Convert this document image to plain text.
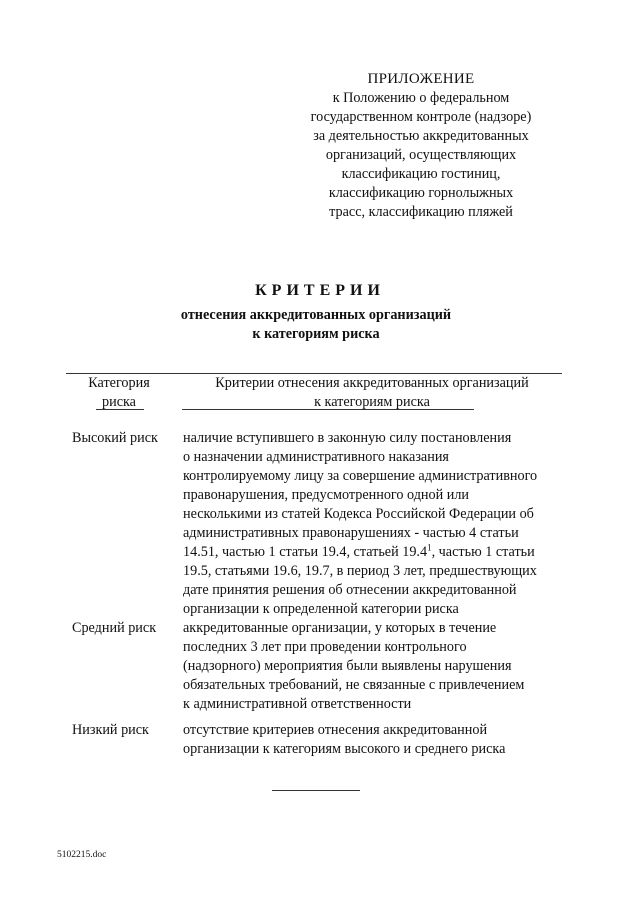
ПРИЛОЖЕНИЕ
к Положению о федеральном
государственном контроле (надзоре)
за деятельностью аккредитованных
организаций, осуществляющих
классификацию гостиниц,
классификацию горнолыжных
трасс, классификацию пляжей
КРИТЕРИИ
отнесения аккредитованных организаций
к категориям риска
Категория
риска
Критерии отнесения аккредитованных организаций
к категориям риска
Высокий риск наличие вступившего в законную силу постановления
о назначении административного наказания
контролируемому лицу за совершение административного
правонарушения, предусмотренного одной или
несколькими из статей Кодекса Российской Федерации об
административных правонарушениях - частью 4 статьи
14.51, частью 1 статьи 19.4, статьей 19.4$^1$, частью 1 статьи
19.5, статьями 19.6, 19.7, в период 3 лет, предшествующих
дате принятия решения об отнесении аккредитованной
организации к определенной категории риска
Средний риск аккредитованные организации, у которых в течение
последних 3 лет при проведении контрольного
(надзорного) мероприятия были выявлены нарушения
обязательных требований, не связанные с привлечением
к административной ответственности
Низкий риск отсутствие критериев отнесения аккредитованной
организации к категориям высокого и среднего риска
5102215.doc
